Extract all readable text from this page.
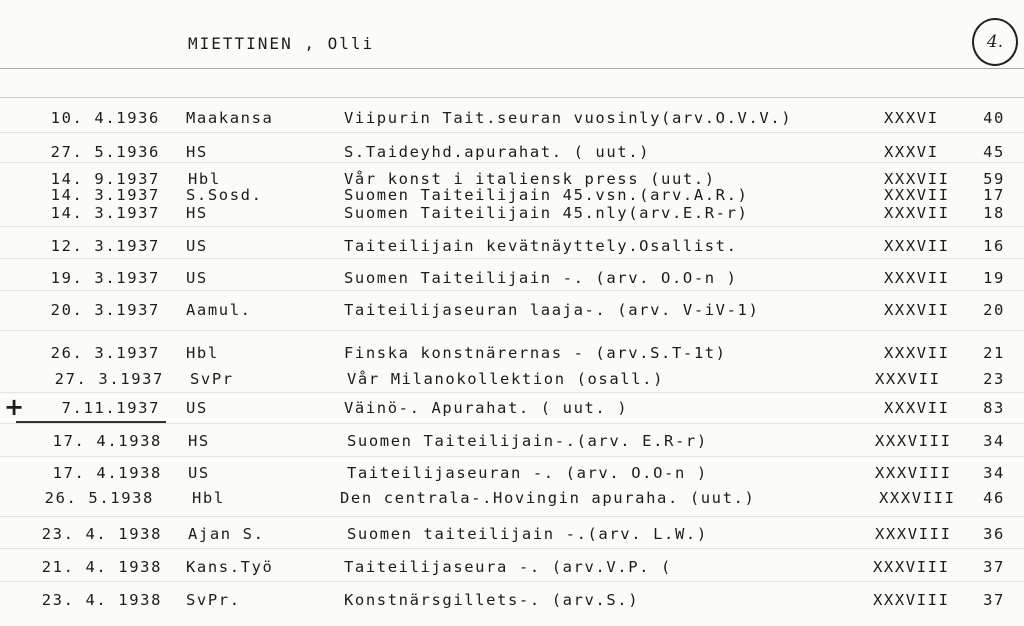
MIETTINEN , Olli	4.
10. 4.1936 Maakansa	Viipurin Tait.seuran vuosinly(arv.O.V.V.)	XXXVI	40
27. 5.1936 HS	S.Taideyhd.apurahat. ( uut.)	XXXVI	45
14. 9.1937 Hbl	Vår konst i italiensk press (uut.)	XXXVII	59
14. 3.1937 S.Sosd.	Suomen Taiteilijain 45.vsn.(arv.A.R.)	XXXVII	17
14. 3.1937 HS	Suomen Taiteilijain 45.nly(arv.E.R-r)	XXXVII	18
12. 3.1937 US	Taiteilijain kevätnäyttely.Osallist.	XXXVII	16
19. 3.1937 US	Suomen Taiteilijain -. (arv. O.O-n )	XXXVII	19
20. 3.1937 Aamul.	Taiteilijaseuran laaja-. (arv. V-iV-1)	XXXVII	20
26. 3.1937 Hbl	Finska konstnärernas - (arv.S.T-1t)	XXXVII	21
27. 3.1937 SvPr	Vår Milanokollektion (osall.)	XXXVII	23
7.11.1937 US	Väinö-. Apurahat. ( uut. )	XXXVII	83
+
17. 4.1938 HS	Suomen Taiteilijain-.(arv. E.R-r)	XXXVIII	34
17. 4.1938 US	Taiteilijaseuran -. (arv. O.O-n )	XXXVIII	34
26. 5.1938 Hbl	Den centrala-.Hovingin apuraha. (uut.)	XXXVIII	46
23. 4. 1938 Ajan S.	Suomen taiteilijain -.(arv. L.W.)	XXXVIII	36
21. 4. 1938 Kans.Työ	Taiteilijaseura -. (arv.V.P. (	XXXVIII	37
23. 4. 1938 SvPr.	Konstnärsgillets-. (arv.S.)	XXXVIII	37
